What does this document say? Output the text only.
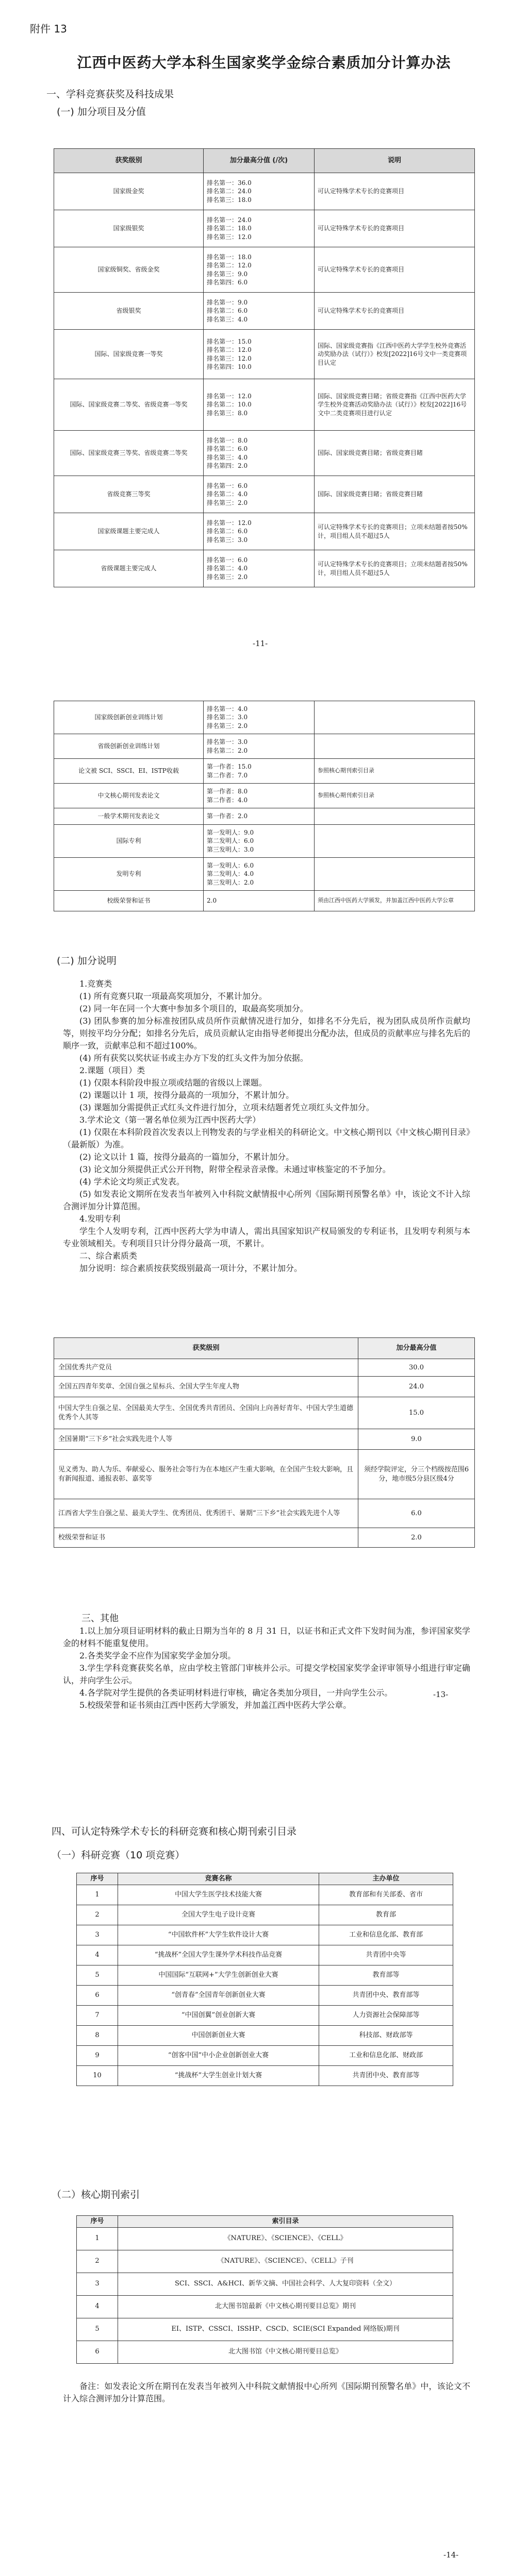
附件 13
江西中医药大学本科生国家奖学金综合素质加分计算办法
一、学科竞赛获奖及科技成果
(一) 加分项目及分值
获奖级别	加分最高分值 (/次)	说明
国家级金奖	排名第一：36.0
排名第二：24.0
排名第三：18.0	可认定特殊学术专长的竞赛项目
国家级银奖	排名第一：24.0
排名第二：18.0
排名第三：12.0	可认定特殊学术专长的竞赛项目
国家级铜奖、省级金奖	排名第一：18.0
排名第二：12.0
排名第三：9.0
排名第四：6.0	可认定特殊学术专长的竞赛项目
省级银奖	排名第一：9.0
排名第二：6.0
排名第三：4.0	可认定特殊学术专长的竞赛项目
国际、国家级竞赛一等奖	排名第一：15.0
排名第二：12.0
排名第三：12.0
排名第四：10.0	国际、国家级竞赛指《江西中医药大学学生校外竞赛活动奖励办法（试行）》校发[2022]16号文中一类竞赛项目认定
国际、国家级竞赛二等奖、省级竞赛一等奖	排名第一：12.0
排名第二：10.0
排名第三：8.0	国际、国家级竞赛目睹；省级竞赛指《江西中医药大学学生校外竞赛活动奖励办法（试行）》校发[2022]16号文中二类竞赛项目进行认定
国际、国家级竞赛三等奖、省级竞赛二等奖	排名第一：8.0
排名第二：6.0
排名第三：4.0
排名第四：2.0	国际、国家级竞赛目睹；省级竞赛目睹
省级竞赛三等奖	排名第一：6.0
排名第二：4.0
排名第三：2.0	国际、国家级竞赛目睹；省级竞赛目睹
国家级课题主要完成人	排名第一：12.0
排名第二：6.0
排名第三：3.0	可认定特殊学术专长的竞赛项目；立项未结题者按50%计，项目组人员不超过5人
省级课题主要完成人	排名第一：6.0
排名第二：4.0
排名第三：2.0	可认定特殊学术专长的竞赛项目；立项未结题者按50%计，项目组人员不超过5人
-11-
国家级创新创业训练计划	排名第一：4.0
排名第二：3.0
排名第三：2.0	

省级创新创业训练计划	排名第一：3.0
排名第二：2.0	

论文被 SCI、SSCI、EI、ISTP收载	第一作者：15.0
第二作者：7.0	参照核心期刊索引目录
中文核心期刊发表论文	第一作者：8.0
第二作者：4.0	参照核心期刊索引目录
一般学术期刊发表论文	第一作者：2.0	

国际专利	第一发明人：9.0
第二发明人：6.0
第三发明人：3.0	

发明专利	第一发明人：6.0
第二发明人：4.0
第三发明人：2.0	

校级荣誉和证书	2.0	须由江西中医药大学颁发，并加盖江西中医药大学公章
(二) 加分说明

1.竞赛类

(1) 所有竞赛只取一项最高奖项加分，不累计加分。

(2) 同一年在同一个大赛中参加多个项目的，取最高奖项加分。

(3) 团队参赛的加分标准按团队成员所作贡献情况进行加分，如排名不分先后，视为团队成员所作贡献均等，则按平均分分配；如排名分先后，成员贡献认定由指导老师提出分配办法，但成员的贡献率应与排名先后的顺序一致，贡献率总和不超过100%。

(4) 所有获奖以奖状证书或主办方下发的红头文件为加分依据。

2.课题（项目）类

(1) 仅限本科阶段申报立项或结题的省级以上课题。

(2) 课题以计 1 项，按得分最高的一项加分，不累计加分。

(3) 课题加分需提供正式红头文件进行加分，立项未结题者凭立项红头文件加分。

3.学术论文（第一署名单位须为江西中医药大学）

(1) 仅限在本科阶段首次发表以上刊物发表的与学业相关的科研论文。中文核心期刊以《中文核心期刊目录》（最新版）为准。

(2) 论文以计 1 篇，按得分最高的一篇加分，不累计加分。

(3) 论文加分须提供正式公开刊物，附带全程录音录像。未通过审核鉴定的不予加分。

(4) 学术论文均须正式发表。

(5) 如发表论文期所在发表当年被列入中科院文献情报中心所列《国际期刊预警名单》中，该论文不计入综合测评加分计算范围。

4.发明专利

学生个人发明专利，江西中医药大学为申请人，需出具国家知识产权局颁发的专利证书，且发明专利须与本专业领域相关。专利项目只计分得分最高一项，不累计。

二、综合素质类

加分说明：综合素质按获奖级别最高一项计分，不累计加分。

获奖级别	加分最高分值
全国优秀共产党员	30.0
全国五四青年奖章、全国自强之星标兵、全国大学生年度人物	24.0
中国大学生自强之星、全国最美大学生、全国优秀共青团员、全国向上向善好青年、中国大学生道德优秀个人其等	15.0
全国暑期“三下乡”社会实践先进个人等	9.0
见义勇为、助人为乐、奉献爱心、服务社会等行为在本地区产生重大影响，在全国产生较大影响，且有新闻报道、通报表彰、嘉奖等	须经学院评定，分三个档级按范围6分，地市级5分县区级4分
江西省大学生自强之星、最美大学生、优秀团员、优秀团干、暑期“三下乡”社会实践先进个人等	6.0
校级荣誉和证书	2.0

三、其他

1.以上加分项目证明材料的截止日期为当年的 8 月 31 日，以证书和正式文件下发时间为准，参评国家奖学金的材料不能重复使用。

2.各类奖学金不应作为国家奖学金加分项。

3.学生学科竞赛获奖名单，应由学校主管部门审核并公示。可提交学校国家奖学金评审领导小组进行审定确认，并向学生公示。

4.各学院对学生提供的各类证明材料进行审核，确定各类加分项目，一并向学生公示。

5.校级荣誉和证书须由江西中医药大学颁发，并加盖江西中医药大学公章。

-13-
四、可认定特殊学术专长的科研竞赛和核心期刊索引目录
（一）科研竞赛（10 项竞赛）
序号	竞赛名称	主办单位
1	中国大学生医学技术技能大赛	教育部和有关部委、省市
2	全国大学生电子设计竞赛	教育部
3	“中国软件杯”大学生软件设计大赛	工业和信息化部、教育部
4	“挑战杯”全国大学生课外学术科技作品竞赛	共青团中央等
5	中国国际“互联网+”大学生创新创业大赛	教育部等
6	“创青春”全国青年创新创业大赛	共青团中央、教育部等
7	“中国创翼”创业创新大赛	人力资源社会保障部等
8	中国创新创业大赛	科技部、财政部等
9	“创客中国”中小企业创新创业大赛	工业和信息化部、财政部
10	“挑战杯”大学生创业计划大赛	共青团中央、教育部等
（二）核心期刊索引
序号	索引目录
1	《NATURE》、《SCIENCE》、《CELL》
2	《NATURE》、《SCIENCE》、《CELL》子刊
3	SCI、SSCI、A&HCI、新华文摘、中国社会科学、人大复印资料（全文）
4	北大图书馆最新《中文核心期刊要目总览》期刊
5	EI、ISTP、CSSCI、ISSHP、CSCD、SCIE(SCI Expanded 网络版)期刊
6	北大图书馆《中文核心期刊要目总览》

备注：如发表论文所在期刊在发表当年被列入中科院文献情报中心所列《国际期刊预警名单》中，该论文不计入综合测评加分计算范围。

-14-
